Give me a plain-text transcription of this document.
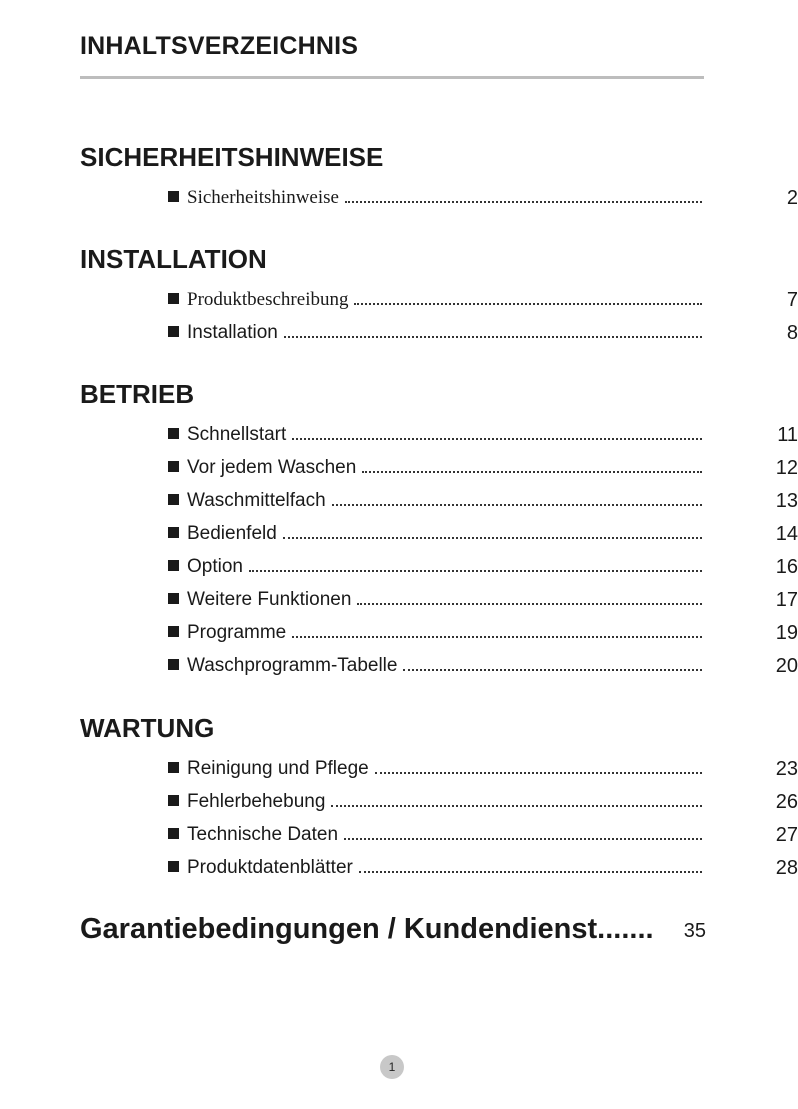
INHALTSVERZEICHNIS
SICHERHEITSHINWEISE
Sicherheitshinweise	2
INSTALLATION
Produktbeschreibung	7
Installation	8
BETRIEB
Schnellstart	11
Vor jedem Waschen	12
Waschmittelfach	13
Bedienfeld	14
Option	16
Weitere Funktionen	17
Programme	19
Waschprogramm-Tabelle	20
WARTUNG
Reinigung und Pflege	23
Fehlerbehebung	26
Technische Daten	27
Produktdatenblätter	28
Garantiebedingungen / Kundendienst....... 35
1
